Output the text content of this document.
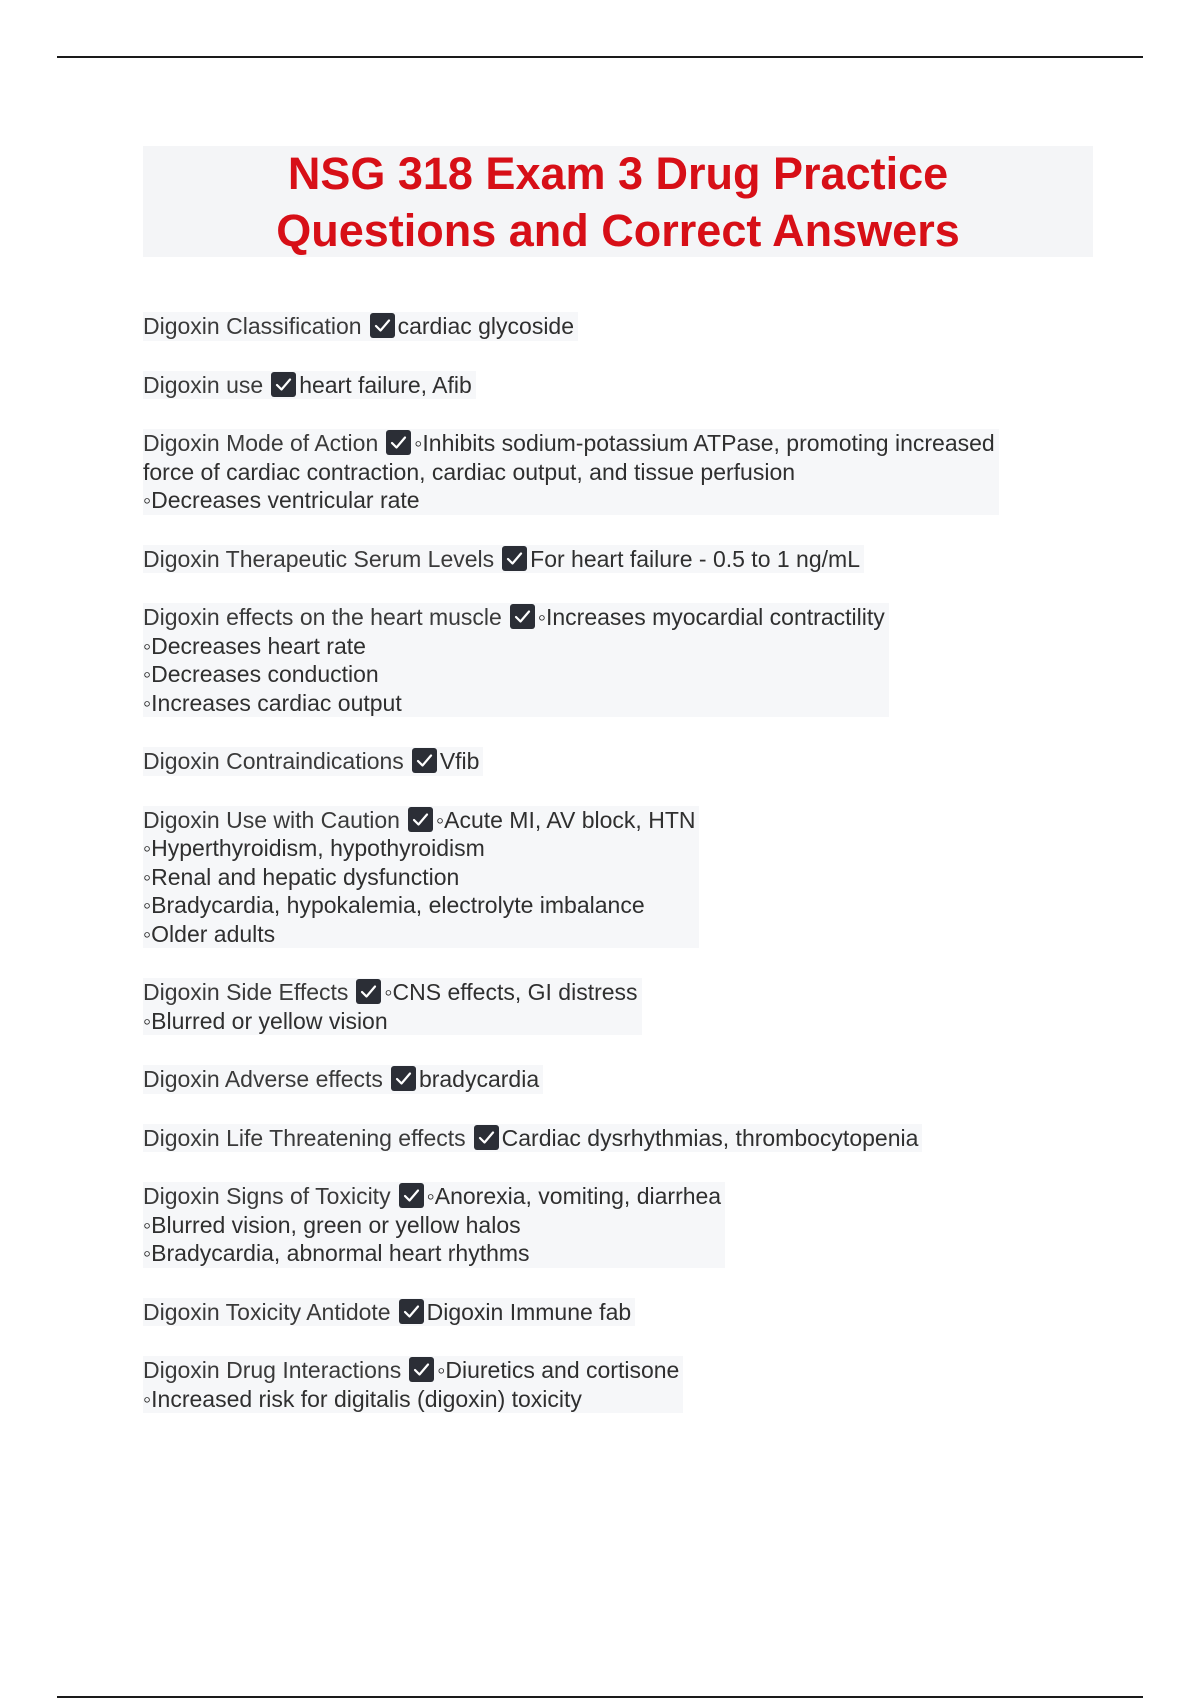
NSG 318 Exam 3 Drug Practice
Questions and Correct Answers
Digoxin Classification cardiac glycoside
Digoxin use heart failure, Afib
Digoxin Mode of Action ◦Inhibits sodium-potassium ATPase, promoting increased
force of cardiac contraction, cardiac output, and tissue perfusion
◦Decreases ventricular rate
Digoxin Therapeutic Serum Levels For heart failure - 0.5 to 1 ng/mL
Digoxin effects on the heart muscle ◦Increases myocardial contractility
◦Decreases heart rate
◦Decreases conduction
◦Increases cardiac output
Digoxin Contraindications Vfib
Digoxin Use with Caution ◦Acute MI, AV block, HTN
◦Hyperthyroidism, hypothyroidism
◦Renal and hepatic dysfunction
◦Bradycardia, hypokalemia, electrolyte imbalance
◦Older adults
Digoxin Side Effects ◦CNS effects, GI distress
◦Blurred or yellow vision
Digoxin Adverse effects bradycardia
Digoxin Life Threatening effects Cardiac dysrhythmias, thrombocytopenia
Digoxin Signs of Toxicity ◦Anorexia, vomiting, diarrhea
◦Blurred vision, green or yellow halos
◦Bradycardia, abnormal heart rhythms
Digoxin Toxicity Antidote Digoxin Immune fab
Digoxin Drug Interactions ◦Diuretics and cortisone
◦Increased risk for digitalis (digoxin) toxicity
